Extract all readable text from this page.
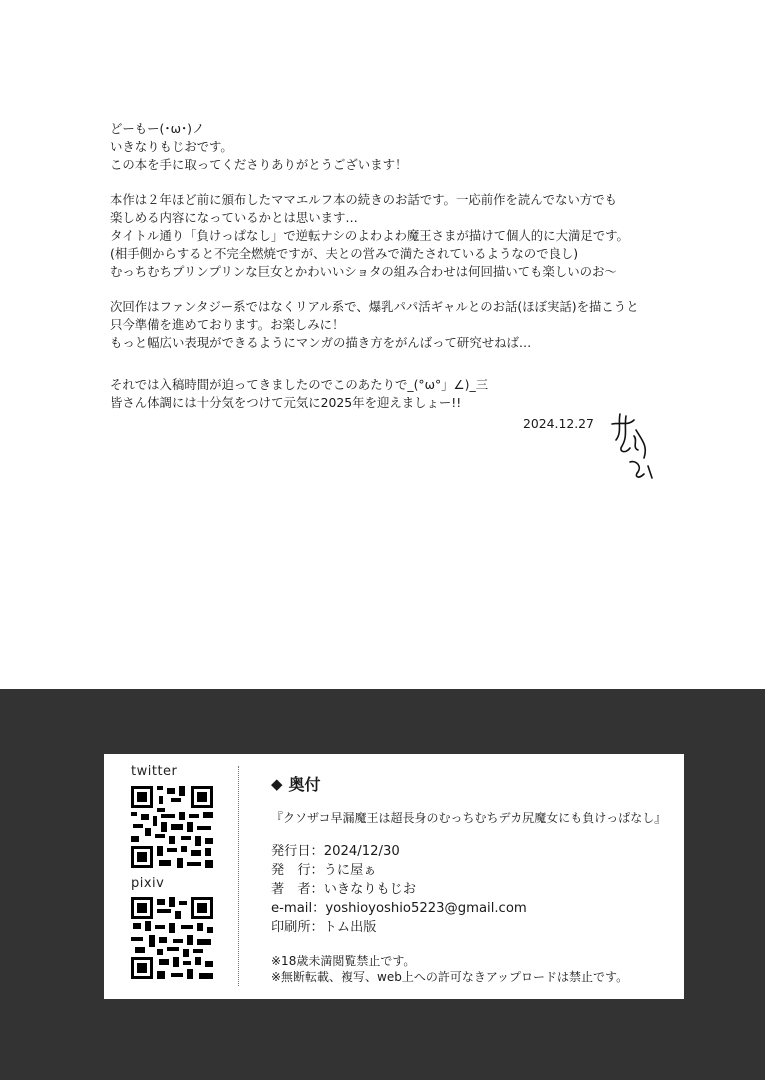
どーもー(･ω･)ノ
いきなりもじおです。
この本を手に取ってくださりありがとうございます！
本作は２年ほど前に頒布したママエルフ本の続きのお話です。一応前作を読んでない方でも
楽しめる内容になっているかとは思います…
タイトル通り「負けっぱなし」で逆転ナシのよわよわ魔王さまが描けて個人的に大満足です。
(相手側からすると不完全燃焼ですが、夫との営みで満たされているようなので良し)
むっちむちプリンプリンな巨女とかわいいショタの組み合わせは何回描いても楽しいのお〜
次回作はファンタジー系ではなくリアル系で、爆乳パパ活ギャルとのお話(ほぼ実話)を描こうと
只今準備を進めております。お楽しみに！
もっと幅広い表現ができるようにマンガの描き方をがんばって研究せねば…
それでは入稿時間が迫ってきましたのでこのあたりで_(°ω°」∠)_三
皆さん体調には十分気をつけて元気に2025年を迎えましょー!!
2024.12.27
twitter
pixiv
◆ 奥付
『クソザコ早漏魔王は超長身のむっちむちデカ尻魔女にも負けっぱなし』
発行日：2024/12/30
発　行：うに屋ぁ
著　者：いきなりもじお
e-mail：yoshioyoshio5223@gmail.com
印刷所：トム出版
※18歳未満閲覧禁止です。
※無断転載、複写、web上への許可なきアップロードは禁止です。
